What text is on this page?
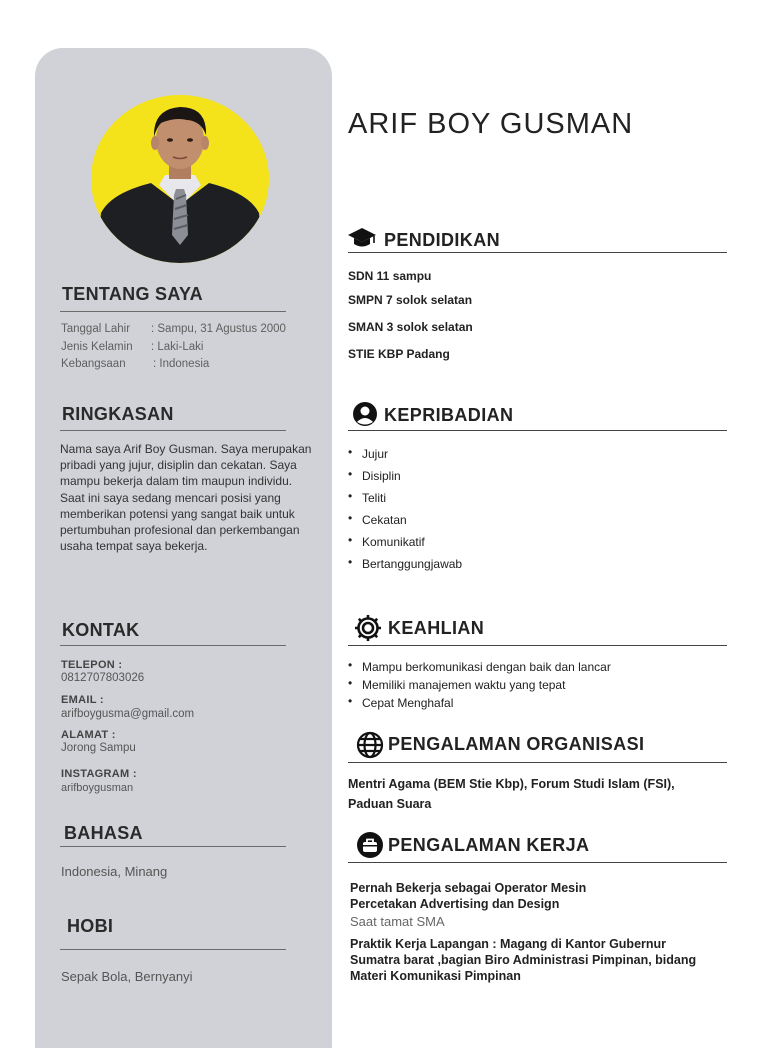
TENTANG SAYA
Tanggal Lahir : Sampu, 31 Agustus 2000
Jenis Kelamin : Laki-Laki
Kebangsaan : Indonesia
RINGKASAN
Nama saya Arif Boy Gusman. Saya merupakan pribadi yang jujur, disiplin dan cekatan. Saya mampu bekerja dalam tim maupun individu. Saat ini saya sedang mencari posisi yang memberikan potensi yang sangat baik untuk pertumbuhan profesional dan perkembangan usaha tempat saya bekerja.
KONTAK
TELEPON :
0812707803026
EMAIL :
arifboygusma@gmail.com
ALAMAT :
Jorong Sampu
INSTAGRAM :
arifboygusman
BAHASA
Indonesia, Minang
HOBI
Sepak Bola, Bernyanyi
ARIF BOY GUSMAN
PENDIDIKAN
SDN 11 sampu
SMPN 7 solok selatan
SMAN 3 solok selatan
STIE KBP Padang
KEPRIBADIAN
• Jujur
• Disiplin
• Teliti
• Cekatan
• Komunikatif
• Bertanggungjawab
KEAHLIAN
• Mampu berkomunikasi dengan baik dan lancar
• Memiliki manajemen waktu yang tepat
• Cepat Menghafal
PENGALAMAN ORGANISASI
Mentri Agama (BEM Stie Kbp), Forum Studi Islam (FSI),
Paduan Suara
PENGALAMAN KERJA
Pernah Bekerja sebagai Operator Mesin
Percetakan Advertising dan Design
Saat tamat SMA
Praktik Kerja Lapangan : Magang di Kantor Gubernur
Sumatra barat ,bagian Biro Administrasi Pimpinan, bidang
Materi Komunikasi Pimpinan
